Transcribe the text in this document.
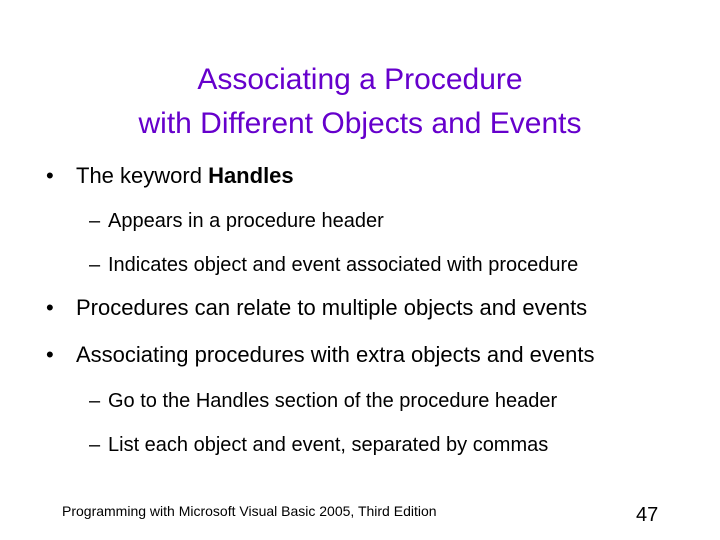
Associating a Procedure
with Different Objects and Events
• The keyword Handles
– Appears in a procedure header
– Indicates object and event associated with procedure
• Procedures can relate to multiple objects and events
• Associating procedures with extra objects and events
– Go to the Handles section of the procedure header
– List each object and event, separated by commas
Programming with Microsoft Visual Basic 2005, Third Edition	47
